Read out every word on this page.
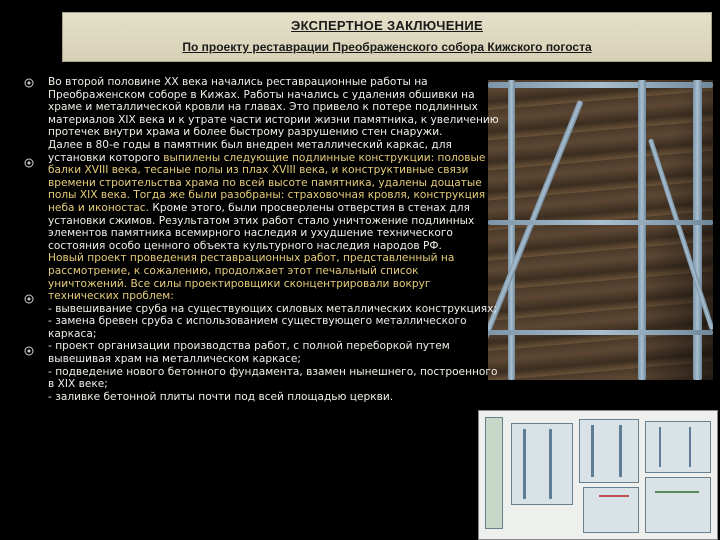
ЭКСПЕРТНОЕ ЗАКЛЮЧЕНИЕ
По проекту реставрации Преображенского собора Кижского погоста
Во второй половине XX века начались реставрационные работы на Преображенском соборе в Кижах. Работы начались с удаления обшивки на храме и металлической кровли на главах. Это привело к потере подлинных материалов XIX века и к утрате части истории жизни памятника, к увеличению протечек внутри храма и более быстрому разрушению стен снаружи.
Далее в 80-е годы в памятник был внедрен металлический каркас, для установки которого выпилены следующие подлинные конструкции: половые балки XVIII века, тесаные полы из плах XVIII века, и конструктивные связи времени строительства храма по всей высоте памятника, удалены дощатые полы XIX века. Тогда же были разобраны: страховочная кровля, конструкция неба и иконостас. Кроме этого, были просверлены отверстия в стенах для установки сжимов. Результатом этих работ стало уничтожение подлинных элементов памятника всемирного наследия и ухудшение технического состояния особо ценного объекта культурного наследия народов РФ.
Новый проект проведения реставрационных работ, представленный на рассмотрение, к сожалению, продолжает этот печальный список уничтожений. Все силы проектировщики сконцентрировали вокруг технических проблем:
- вывешивание сруба на существующих силовых металлических конструкциях;
- замена бревен сруба с использованием существующего металлического каркаса;
- проект организации производства работ, с полной переборкой путем вывешивая храм на металлическом каркасе;
- подведение нового бетонного фундамента, взамен нынешнего, построенного в XIX веке;
- заливке бетонной плиты почти под всей площадью церкви.
